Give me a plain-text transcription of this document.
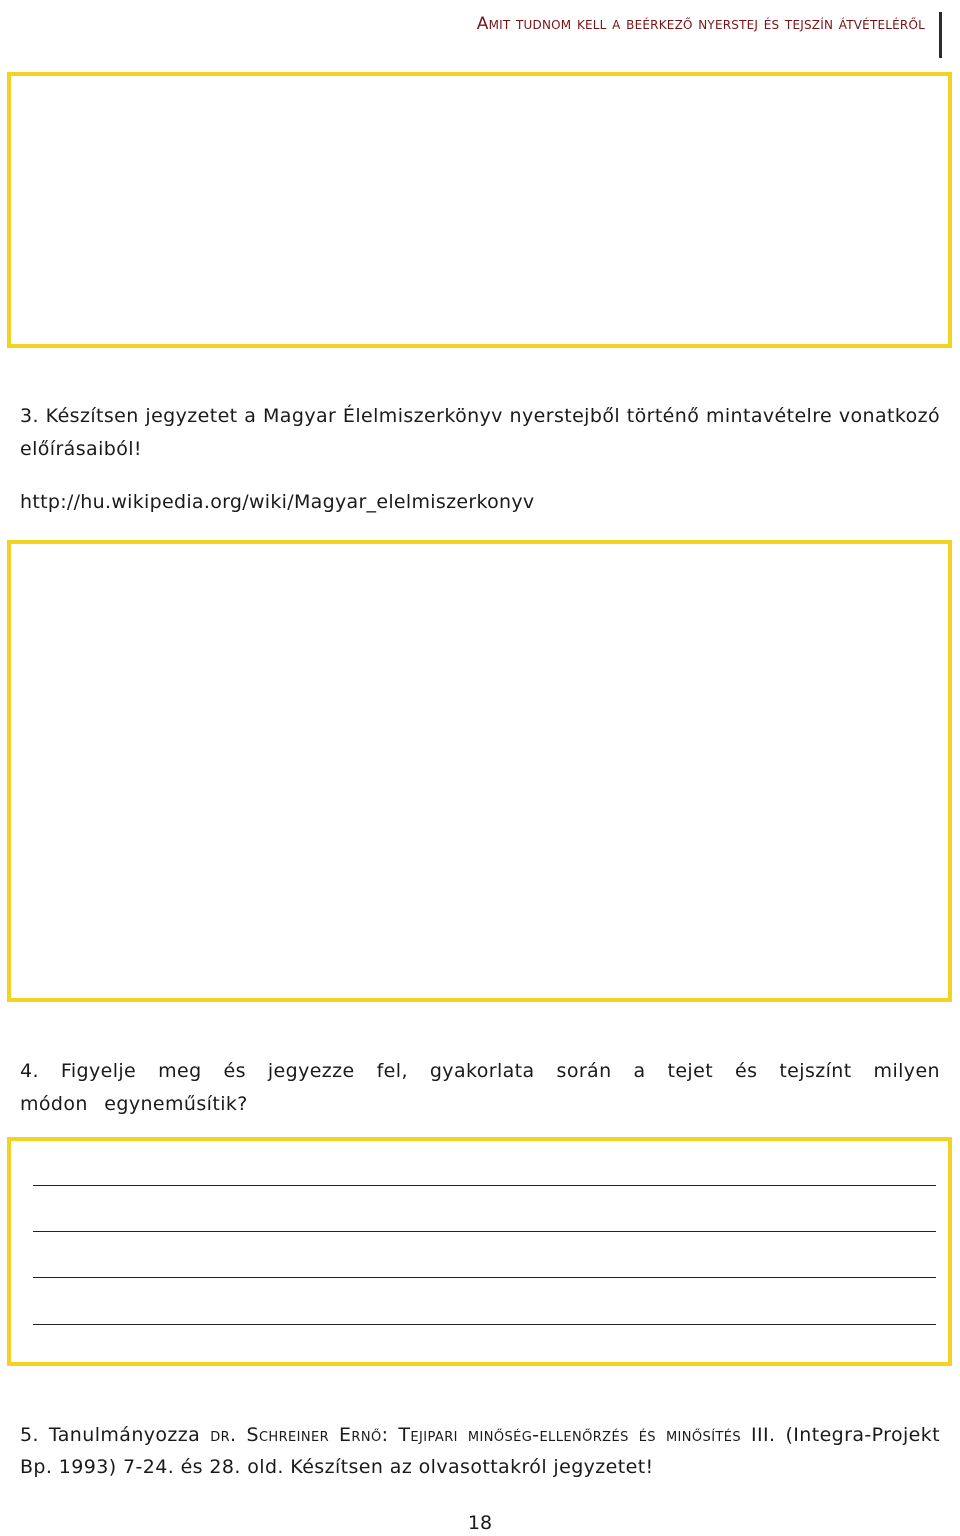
Amit tudnom kell a beérkező nyerstej és tejszín átvételéről
3. Készítsen jegyzetet a Magyar Élelmiszerkönyv nyerstejből történő mintavételre vonatkozó előírásaiból!
http://hu.wikipedia.org/wiki/Magyar_elelmiszerkonyv
4. Figyelje meg és jegyezze fel, gyakorlata során a tejet és tejszínt milyen módon egyneműsítik?
5. Tanulmányozza dr. Schreiner Ernő: Tejipari minőség-ellenőrzés és minősítés III. (Integra-Projekt Bp. 1993) 7-24. és 28. old. Készítsen az olvasottakról jegyzetet!
18
